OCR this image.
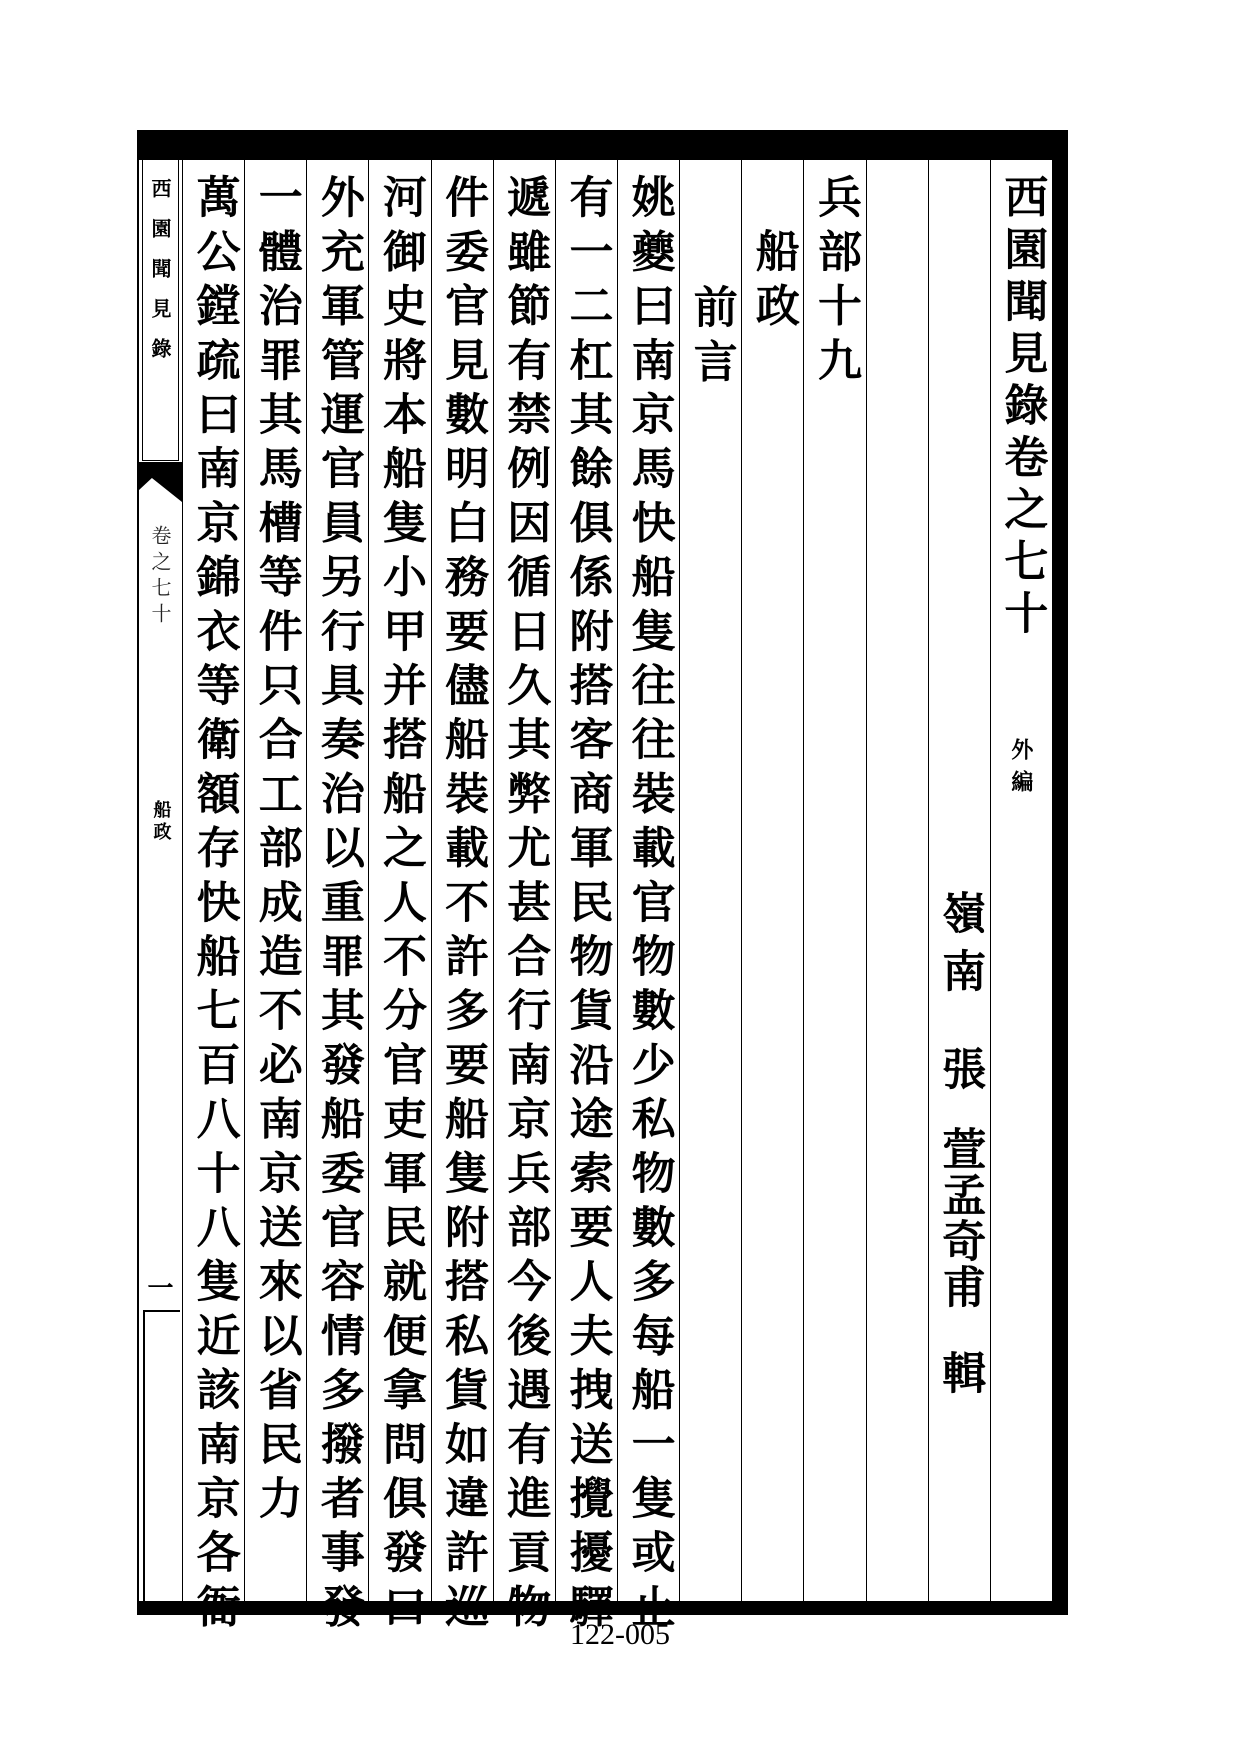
西園聞見錄
卷之七十
船政
一
西園聞見錄卷之七十
外編
嶺南張萱孟奇甫輯
兵部十九
船政
前言
姚夔曰南京馬快船隻往往裝載官物數少私物數多每船一隻或止
有一二杠其餘俱係附搭客商軍民物貨沿途索要人夫拽送攪擾驛
遞雖節有禁例因循日久其弊尤甚合行南京兵部今後遇有進貢物
件委官見數明白務要儘船裝載不許多要船隻附搭私貨如違許巡
河御史將本船隻小甲并搭船之人不分官吏軍民就便拿問俱發口
外充軍管運官員另行具奏治以重罪其發船委官容情多撥者事發
一體治罪其馬槽等件只合工部成造不必南京送來以省民力
萬公鏜疏曰南京錦衣等衛額存快船七百八十八隻近該南京各衙	122-005
